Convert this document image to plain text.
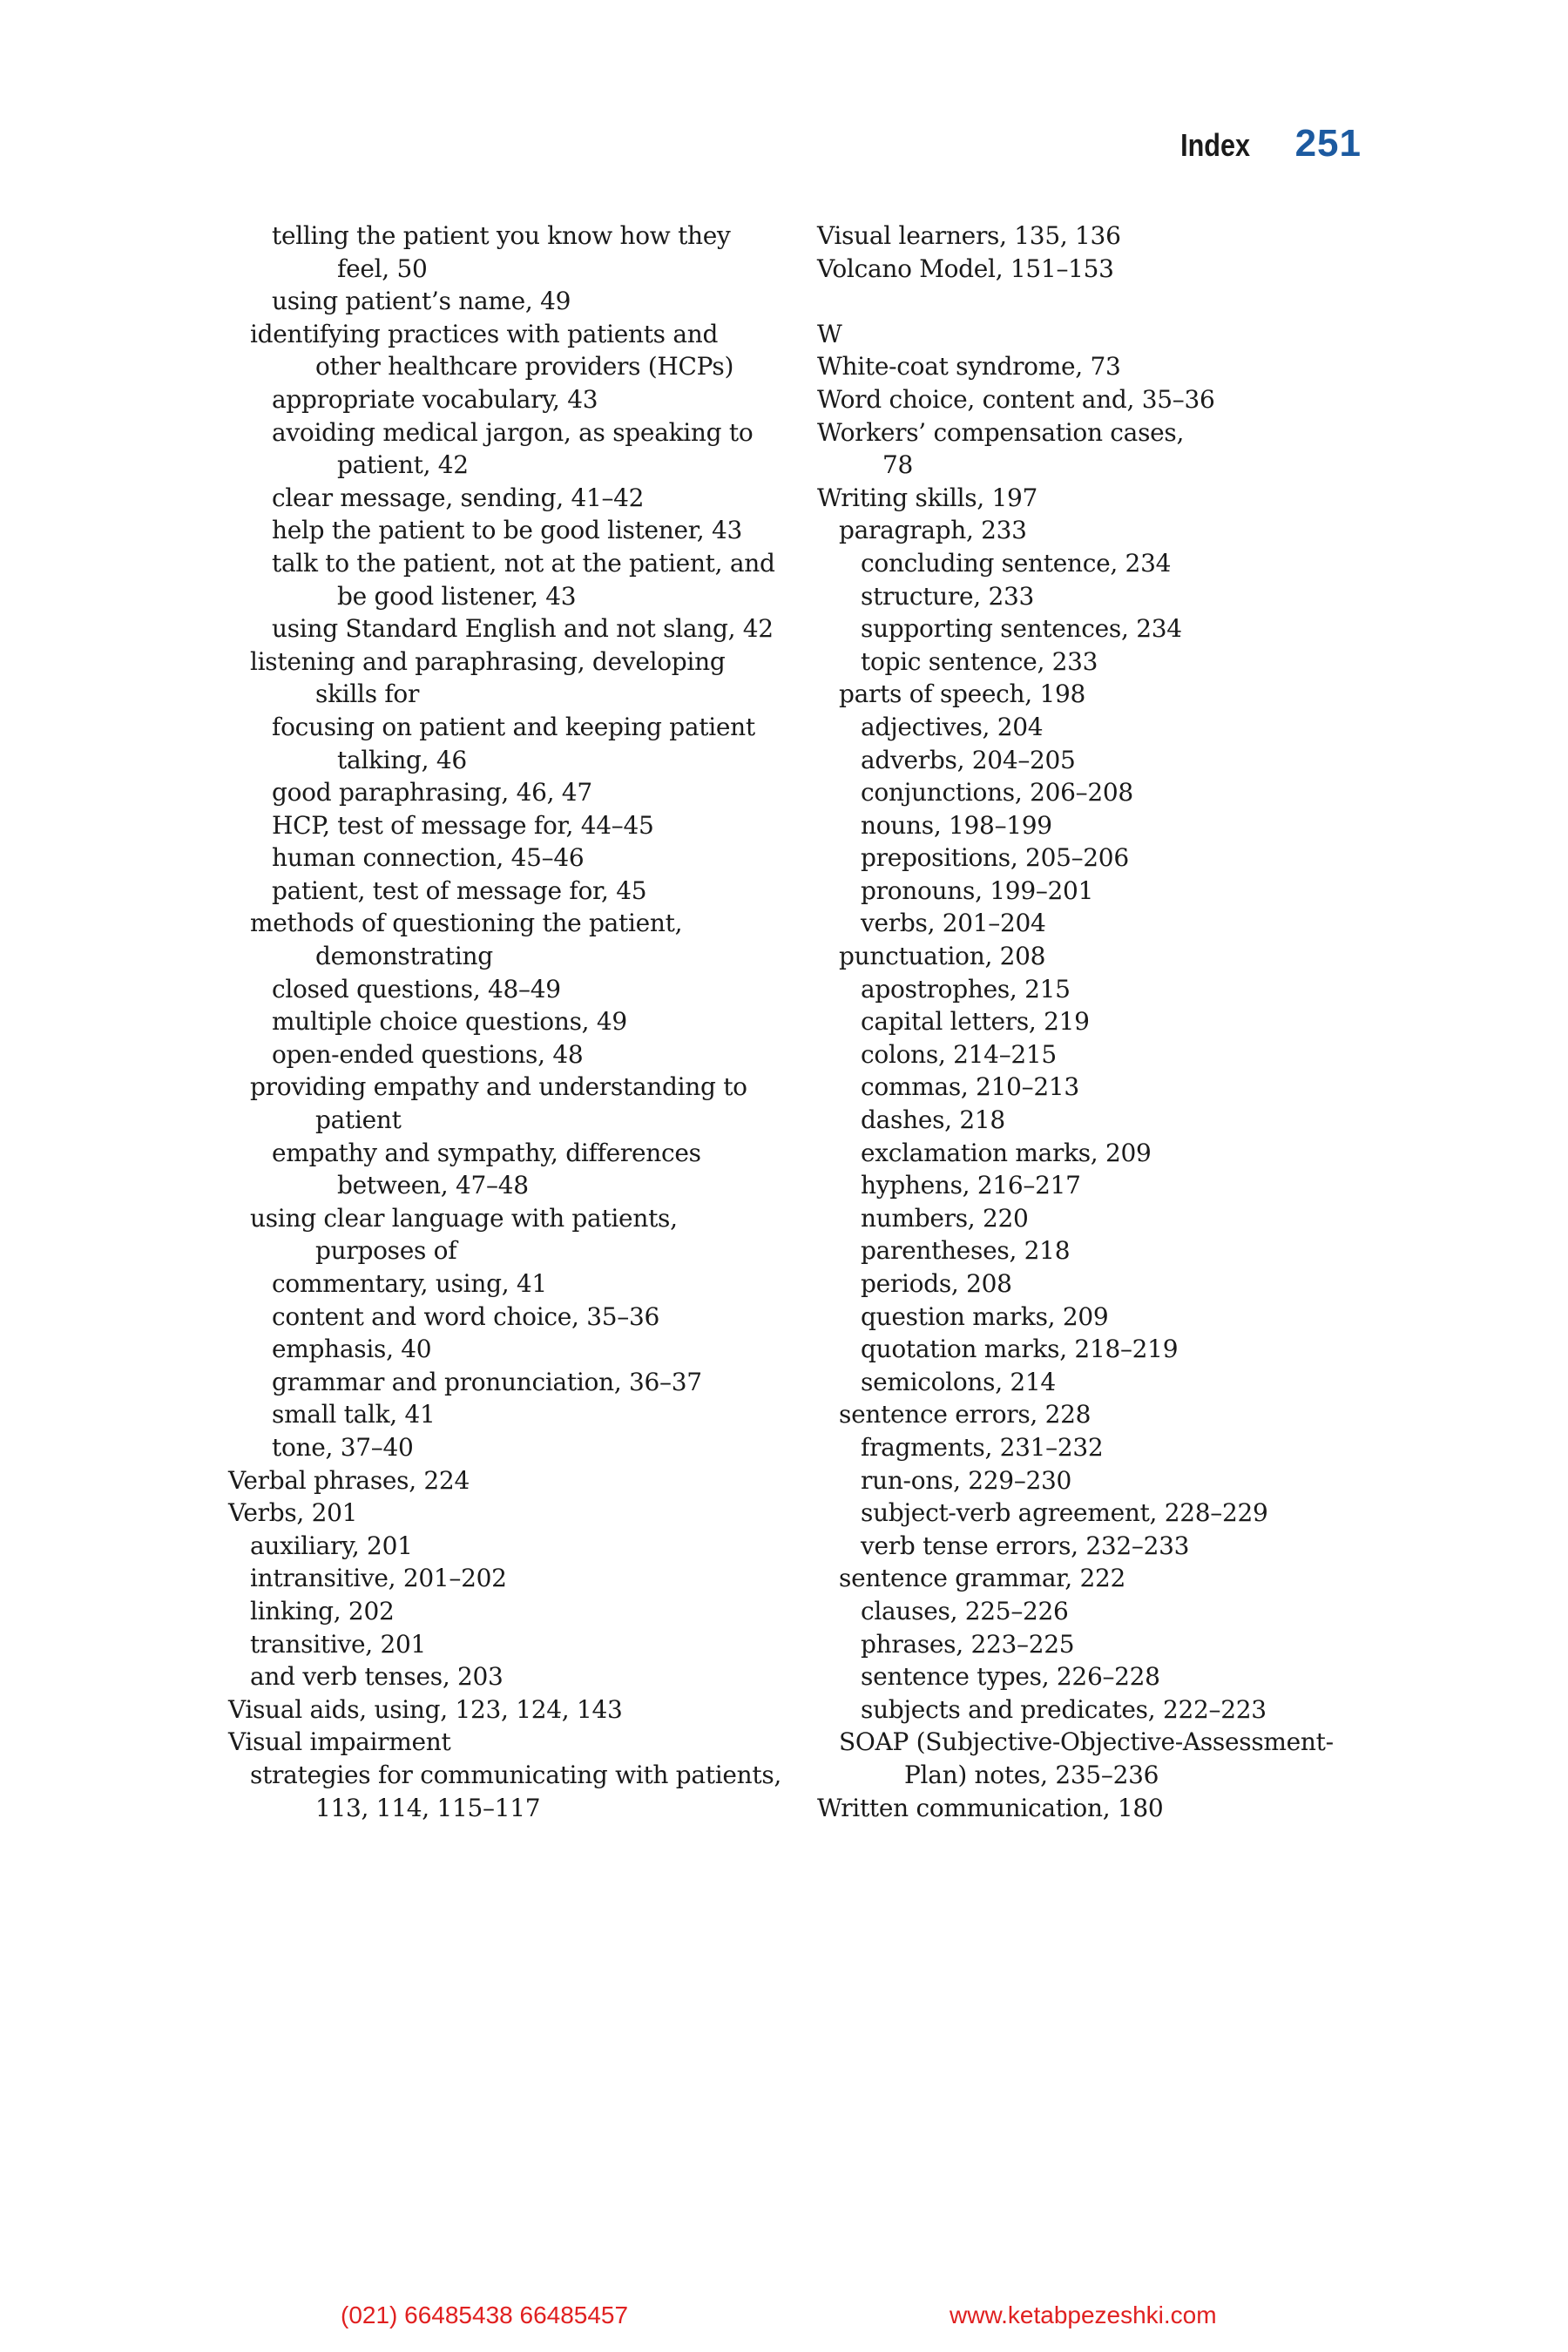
Index 251
telling the patient you know how they
feel, 50
using patient’s name, 49
identifying practices with patients and
other healthcare providers (HCPs)
appropriate vocabulary, 43
avoiding medical jargon, as speaking to
patient, 42
clear message, sending, 41–42
help the patient to be good listener, 43
talk to the patient, not at the patient, and
be good listener, 43
using Standard English and not slang, 42
listening and paraphrasing, developing
skills for
focusing on patient and keeping patient
talking, 46
good paraphrasing, 46, 47
HCP, test of message for, 44–45
human connection, 45–46
patient, test of message for, 45
methods of questioning the patient,
demonstrating
closed questions, 48–49
multiple choice questions, 49
open-ended questions, 48
providing empathy and understanding to
patient
empathy and sympathy, differences
between, 47–48
using clear language with patients,
purposes of
commentary, using, 41
content and word choice, 35–36
emphasis, 40
grammar and pronunciation, 36–37
small talk, 41
tone, 37–40
Verbal phrases, 224
Verbs, 201
auxiliary, 201
intransitive, 201–202
linking, 202
transitive, 201
and verb tenses, 203
Visual aids, using, 123, 124, 143
Visual impairment
strategies for communicating with patients,
113, 114, 115–117
Visual learners, 135, 136
Volcano Model, 151–153
W
White-coat syndrome, 73
Word choice, content and, 35–36
Workers’ compensation cases,
78
Writing skills, 197
paragraph, 233
concluding sentence, 234
structure, 233
supporting sentences, 234
topic sentence, 233
parts of speech, 198
adjectives, 204
adverbs, 204–205
conjunctions, 206–208
nouns, 198–199
prepositions, 205–206
pronouns, 199–201
verbs, 201–204
punctuation, 208
apostrophes, 215
capital letters, 219
colons, 214–215
commas, 210–213
dashes, 218
exclamation marks, 209
hyphens, 216–217
numbers, 220
parentheses, 218
periods, 208
question marks, 209
quotation marks, 218–219
semicolons, 214
sentence errors, 228
fragments, 231–232
run-ons, 229–230
subject-verb agreement, 228–229
verb tense errors, 232–233
sentence grammar, 222
clauses, 225–226
phrases, 223–225
sentence types, 226–228
subjects and predicates, 222–223
SOAP (Subjective-Objective-Assessment-
Plan) notes, 235–236
Written communication, 180
(021) 66485438 66485457	www.ketabpezeshki.com
